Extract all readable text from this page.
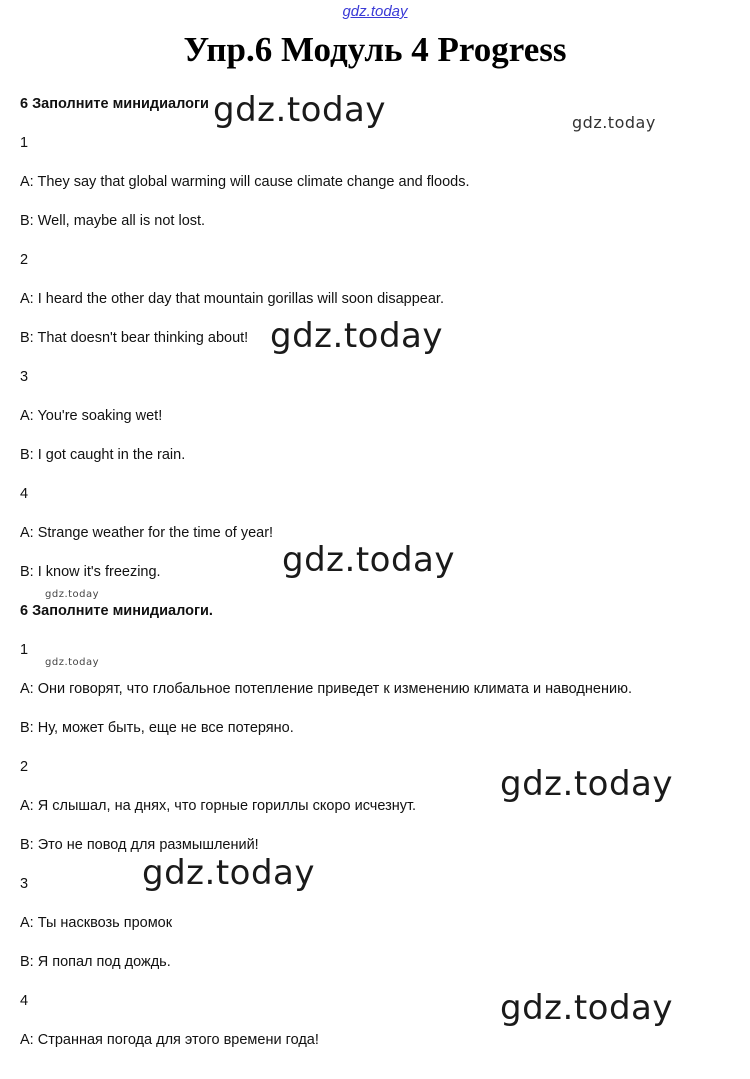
gdz.today
Упр.6 Модуль 4 Progress
6 Заполните минидиалоги
1
A: They say that global warming will cause climate change and floods.
B: Well, maybe all is not lost.
2
A: I heard the other day that mountain gorillas will soon disappear.
B: That doesn't bear thinking about!
3
A: You're soaking wet!
B: I got caught in the rain.
4
A: Strange weather for the time of year!
B: I know it's freezing.
6 Заполните минидиалоги.
1
A: Они говорят, что глобальное потепление приведет к изменению климата и наводнению.
B: Ну, может быть, еще не все потеряно.
2
A: Я слышал, на днях, что горные гориллы скоро исчезнут.
B: Это не повод для размышлений!
3
A: Ты насквозь промок
B: Я попал под дождь.
4
A: Странная погода для этого времени года!
gdz.today	gdz.today
gdz.today
gdz.today
gdz.today
gdz.today
gdz.today
gdz.today
gdz.today
